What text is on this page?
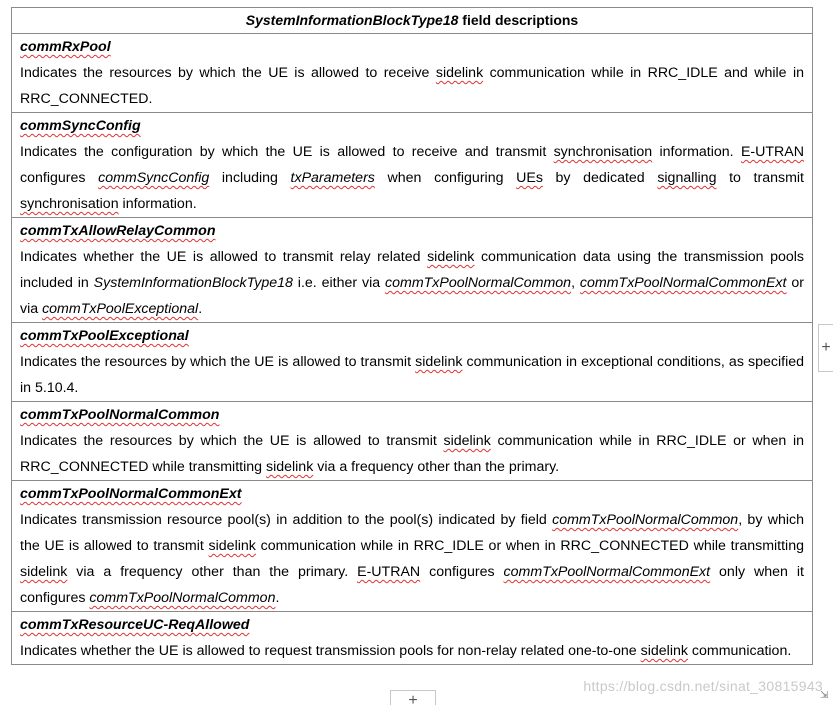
SystemInformationBlockType18 field descriptions
commRxPool
Indicates the resources by which the UE is allowed to receive sidelink communication while in RRC_IDLE and while in RRC_CONNECTED.
commSyncConfig
Indicates the configuration by which the UE is allowed to receive and transmit synchronisation information. E-UTRAN configures commSyncConfig including txParameters when configuring UEs by dedicated signalling to transmit synchronisation information.
commTxAllowRelayCommon
Indicates whether the UE is allowed to transmit relay related sidelink communication data using the transmission pools included in SystemInformationBlockType18 i.e. either via commTxPoolNormalCommon, commTxPoolNormalCommonExt or via commTxPoolExceptional.
commTxPoolExceptional
Indicates the resources by which the UE is allowed to transmit sidelink communication in exceptional conditions, as specified in 5.10.4.
commTxPoolNormalCommon
Indicates the resources by which the UE is allowed to transmit sidelink communication while in RRC_IDLE or when in RRC_CONNECTED while transmitting sidelink via a frequency other than the primary.
commTxPoolNormalCommonExt
Indicates transmission resource pool(s) in addition to the pool(s) indicated by field commTxPoolNormalCommon, by which the UE is allowed to transmit sidelink communication while in RRC_IDLE or when in RRC_CONNECTED while transmitting sidelink via a frequency other than the primary. E-UTRAN configures commTxPoolNormalCommonExt only when it configures commTxPoolNormalCommon.
commTxResourceUC-ReqAllowed
Indicates whether the UE is allowed to request transmission pools for non-relay related one-to-one sidelink communication.
+
+	⇲
https://blog.csdn.net/sinat_30815943
